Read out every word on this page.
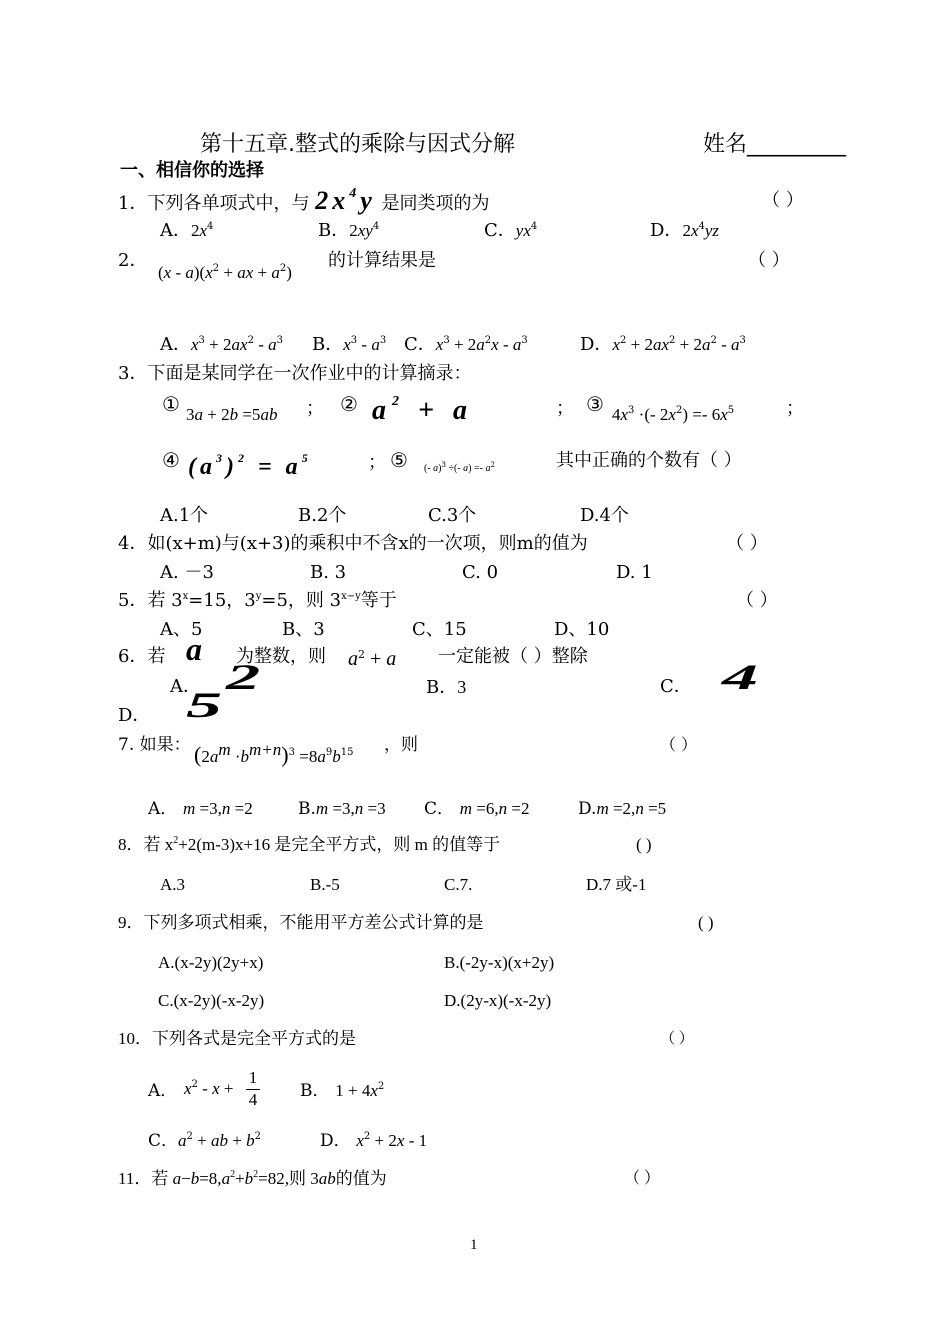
第十五章.整式的乘除与因式分解	姓名_________
一、相信你的选择
1．下列各单项式中，与 $2x^4y$ 是同类项的为	（ ）
A．$2x^4$	B．$2xy^4$	C．$yx^4$	D．$2x^4yz$
2．
$(x - a)(x^2$ + ax + $a^2$)
的计算结果是	（ ）
A．$x^3 + 2ax^2 - a^3$ B．$x^3 - a^3$ C．$x^3 + 2a^2x - a^3$	D．$x^2 + 2ax^2 + 2a^2 - a^3$
3．下面是某同学在一次作业中的计算摘录：
① 3a + 2b =5ab ； ② $a^2 + a$	； ③ $4x^3$ ·(- $2x^2) =- 6x^5$	；
④ $(a^3)^2 = a^5$	； ⑤ (- a)$^3$ ÷(- $a) =- a^2$	其中正确的个数有（ ）
A.1个	B.2个	C.3个	D.4个
4．如(x+m)与(x+3)的乘积中不含x的一次项，则m的值为	（ ）
A. －3	B. 3	C. 0	D. 1
5．若 $3^x=15$，$3^y=5$，则 $3^{x-y}$等于	（ ）
A、5	B、3	C、15	D、10
6．若 a 为整数，则 $a^2 + a$ 一定能被（ ）整除
A． 2	B．3	C． 4
D． 5
7. 如果： $(2a^m \cdot b^{m+n})^3 =8a^9b^{15}$ ，则	（ ）
A． m =3,n =2	B.m =3,n =3 C． m =6,n =2	D.m =2,n =5
8．若 $x^2+2(m-3)x+16$ 是完全平方式，则 m 的值等于	( )
A.3	B.-5	C.7.	D.7 或-1
9．下列多项式相乘，不能用平方差公式计算的是	( )
A.(x-2y)(2y+x)	B.(-2y-x)(x+2y)
C.(x-2y)(-x-2y)	D.(2y-x)(-x-2y)
10．下列各式是完全平方式的是	（ ）
A． $x^2 - x + \frac{1}{4}$ B． $1 + 4x^2$
C．$a^2$ + ab + $b^2$	D． $x^2 + 2x - 1$
11．若 $a-b=8,a^2+b^2=82$,则 3ab的值为	（ ）
1
